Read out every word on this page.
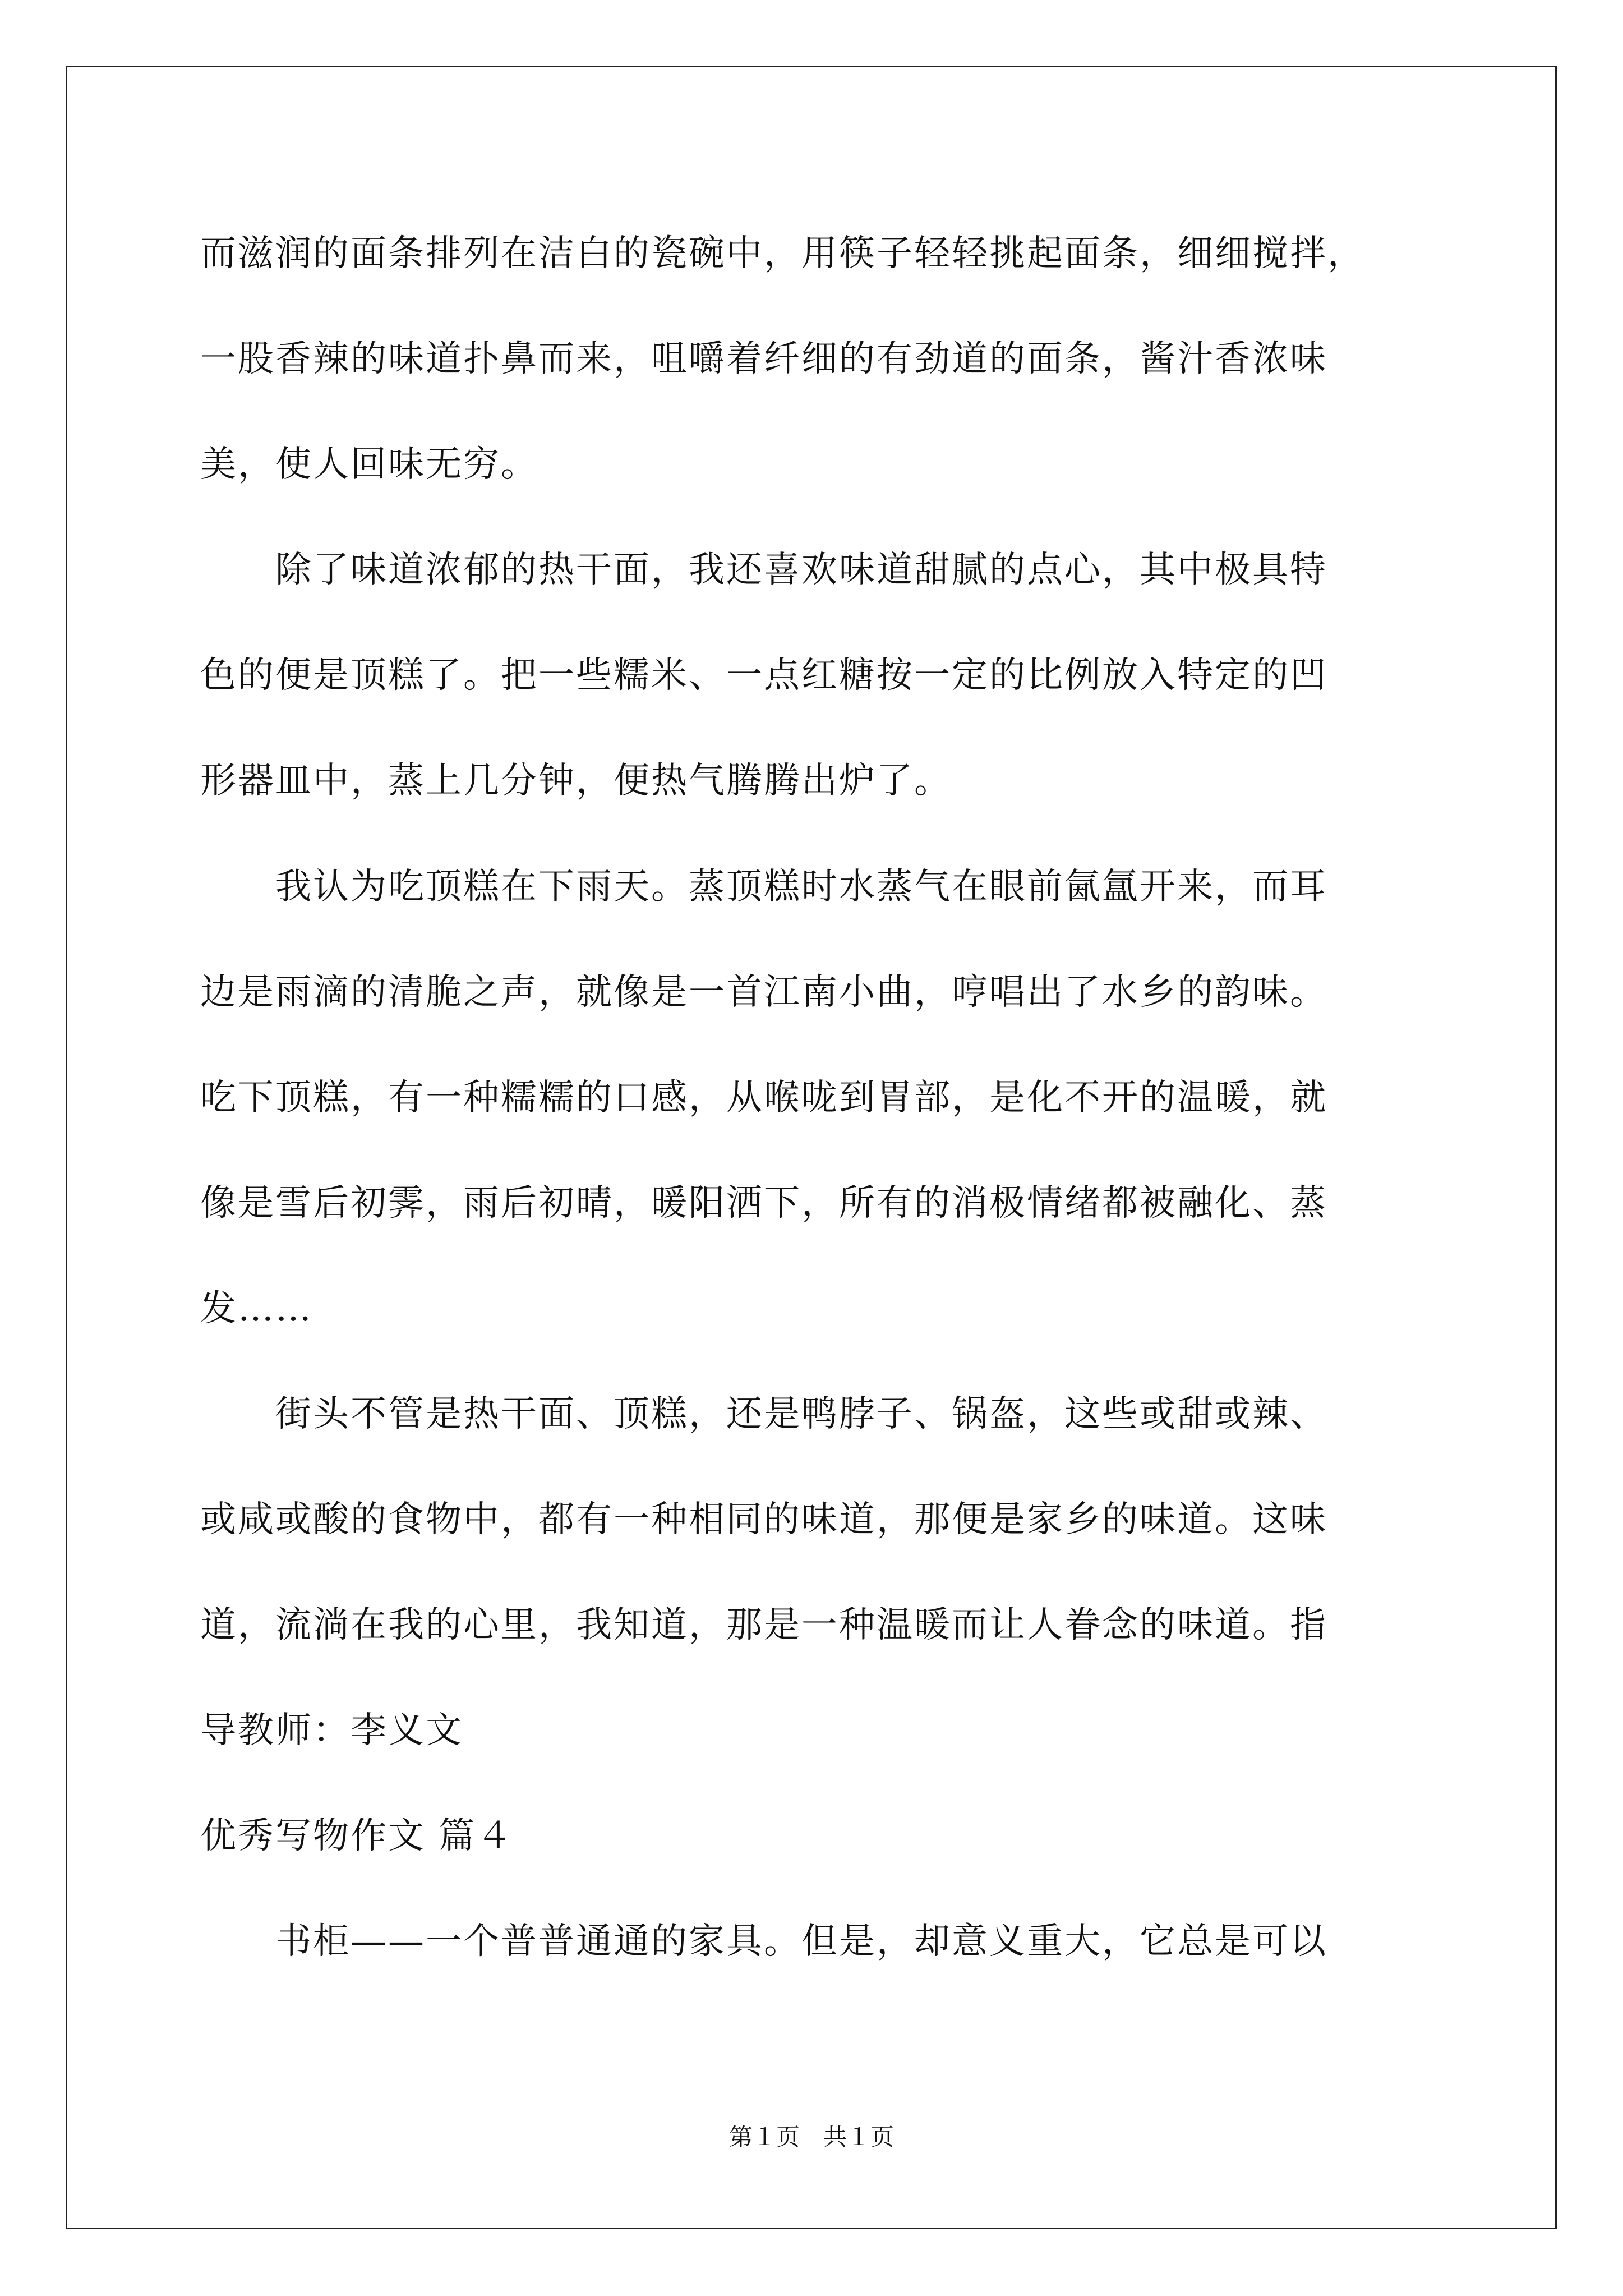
而滋润的面条排列在洁白的瓷碗中，用筷子轻轻挑起面条，细细搅拌，

一股香辣的味道扑鼻而来，咀嚼着纤细的有劲道的面条，酱汁香浓味

美，使人回味无穷。

　　除了味道浓郁的热干面，我还喜欢味道甜腻的点心，其中极具特

色的便是顶糕了。把一些糯米、一点红糖按一定的比例放入特定的凹

形器皿中，蒸上几分钟，便热气腾腾出炉了。

　　我认为吃顶糕在下雨天。蒸顶糕时水蒸气在眼前氤氲开来，而耳

边是雨滴的清脆之声，就像是一首江南小曲，哼唱出了水乡的韵味。

吃下顶糕，有一种糯糯的口感，从喉咙到胃部，是化不开的温暖，就

像是雪后初霁，雨后初晴，暖阳洒下，所有的消极情绪都被融化、蒸

发……

　　街头不管是热干面、顶糕，还是鸭脖子、锅盔，这些或甜或辣、

或咸或酸的食物中，都有一种相同的味道，那便是家乡的味道。这味

道，流淌在我的心里，我知道，那是一种温暖而让人眷念的味道。指

导教师：李义文

优秀写物作文 篇４

　　书柜——一个普普通通的家具。但是，却意义重大，它总是可以

第１页　共１页
